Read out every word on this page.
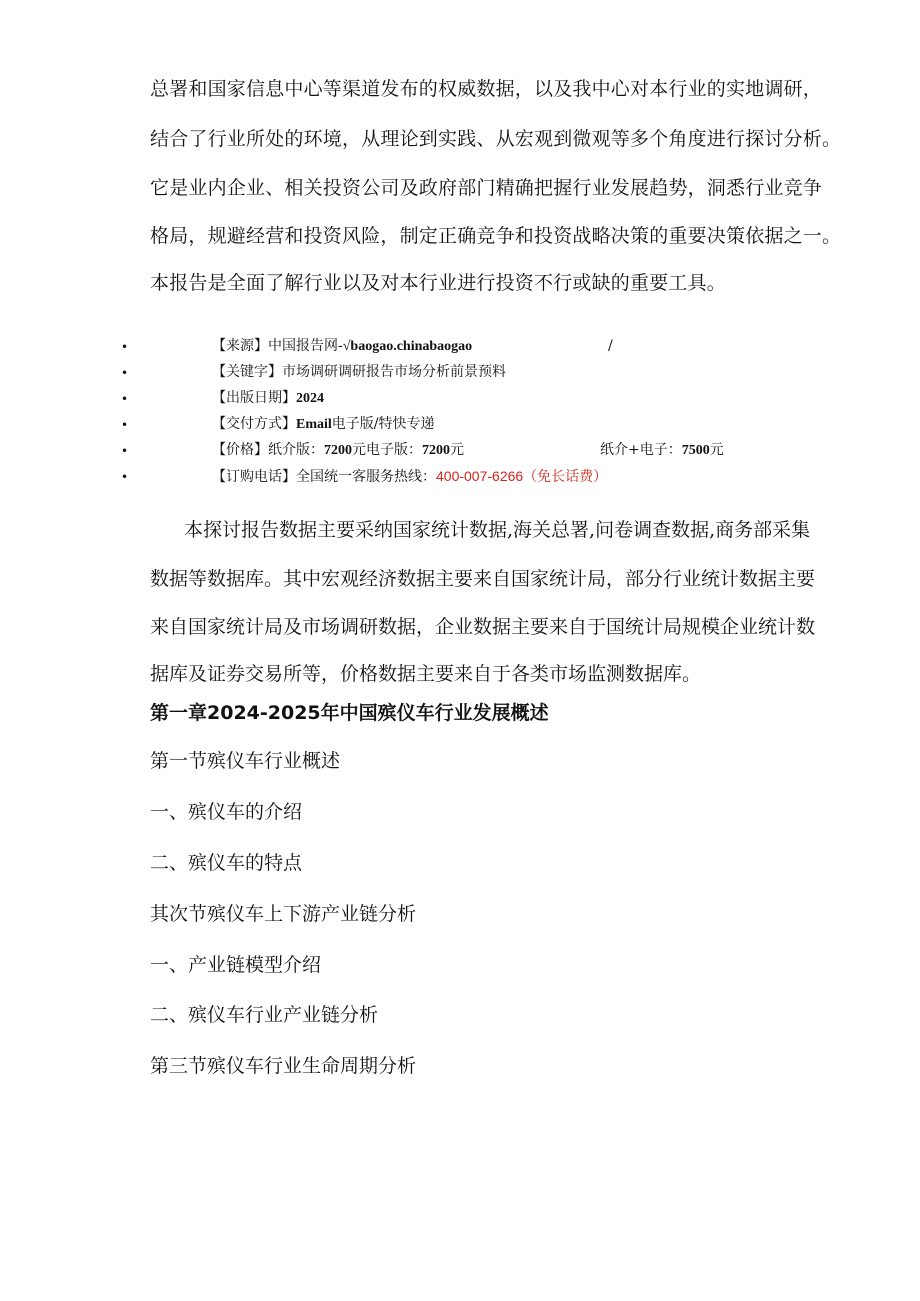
总署和国家信息中心等渠道发布的权威数据，以及我中心对本行业的实地调研，
结合了行业所处的环境，从理论到实践、从宏观到微观等多个角度进行探讨分析。
它是业内企业、相关投资公司及政府部门精确把握行业发展趋势，洞悉行业竞争
格局，规避经营和投资风险，制定正确竞争和投资战略决策的重要决策依据之一。
本报告是全面了解行业以及对本行业进行投资不行或缺的重要工具。
•	【来源】中国报告网-√baogao.chinabaogao	/
•	【关键字】市场调研调研报告市场分析前景预料
•	【出版日期】2024
•	【交付方式】Email电子版/特快专递
•	【价格】纸介版：7200元电子版：7200元	纸介+电子：7500元
•	【订购电话】全国统一客服务热线：400-007-6266（免长话费）
本探讨报告数据主要采纳国家统计数据,海关总署,问卷调查数据,商务部采集
数据等数据库。其中宏观经济数据主要来自国家统计局，部分行业统计数据主要
来自国家统计局及市场调研数据，企业数据主要来自于国统计局规模企业统计数
据库及证券交易所等，价格数据主要来自于各类市场监测数据库。
第一章2024-2025年中国殡仪车行业发展概述
第一节殡仪车行业概述
一、殡仪车的介绍
二、殡仪车的特点
其次节殡仪车上下游产业链分析
一、产业链模型介绍
二、殡仪车行业产业链分析
第三节殡仪车行业生命周期分析
